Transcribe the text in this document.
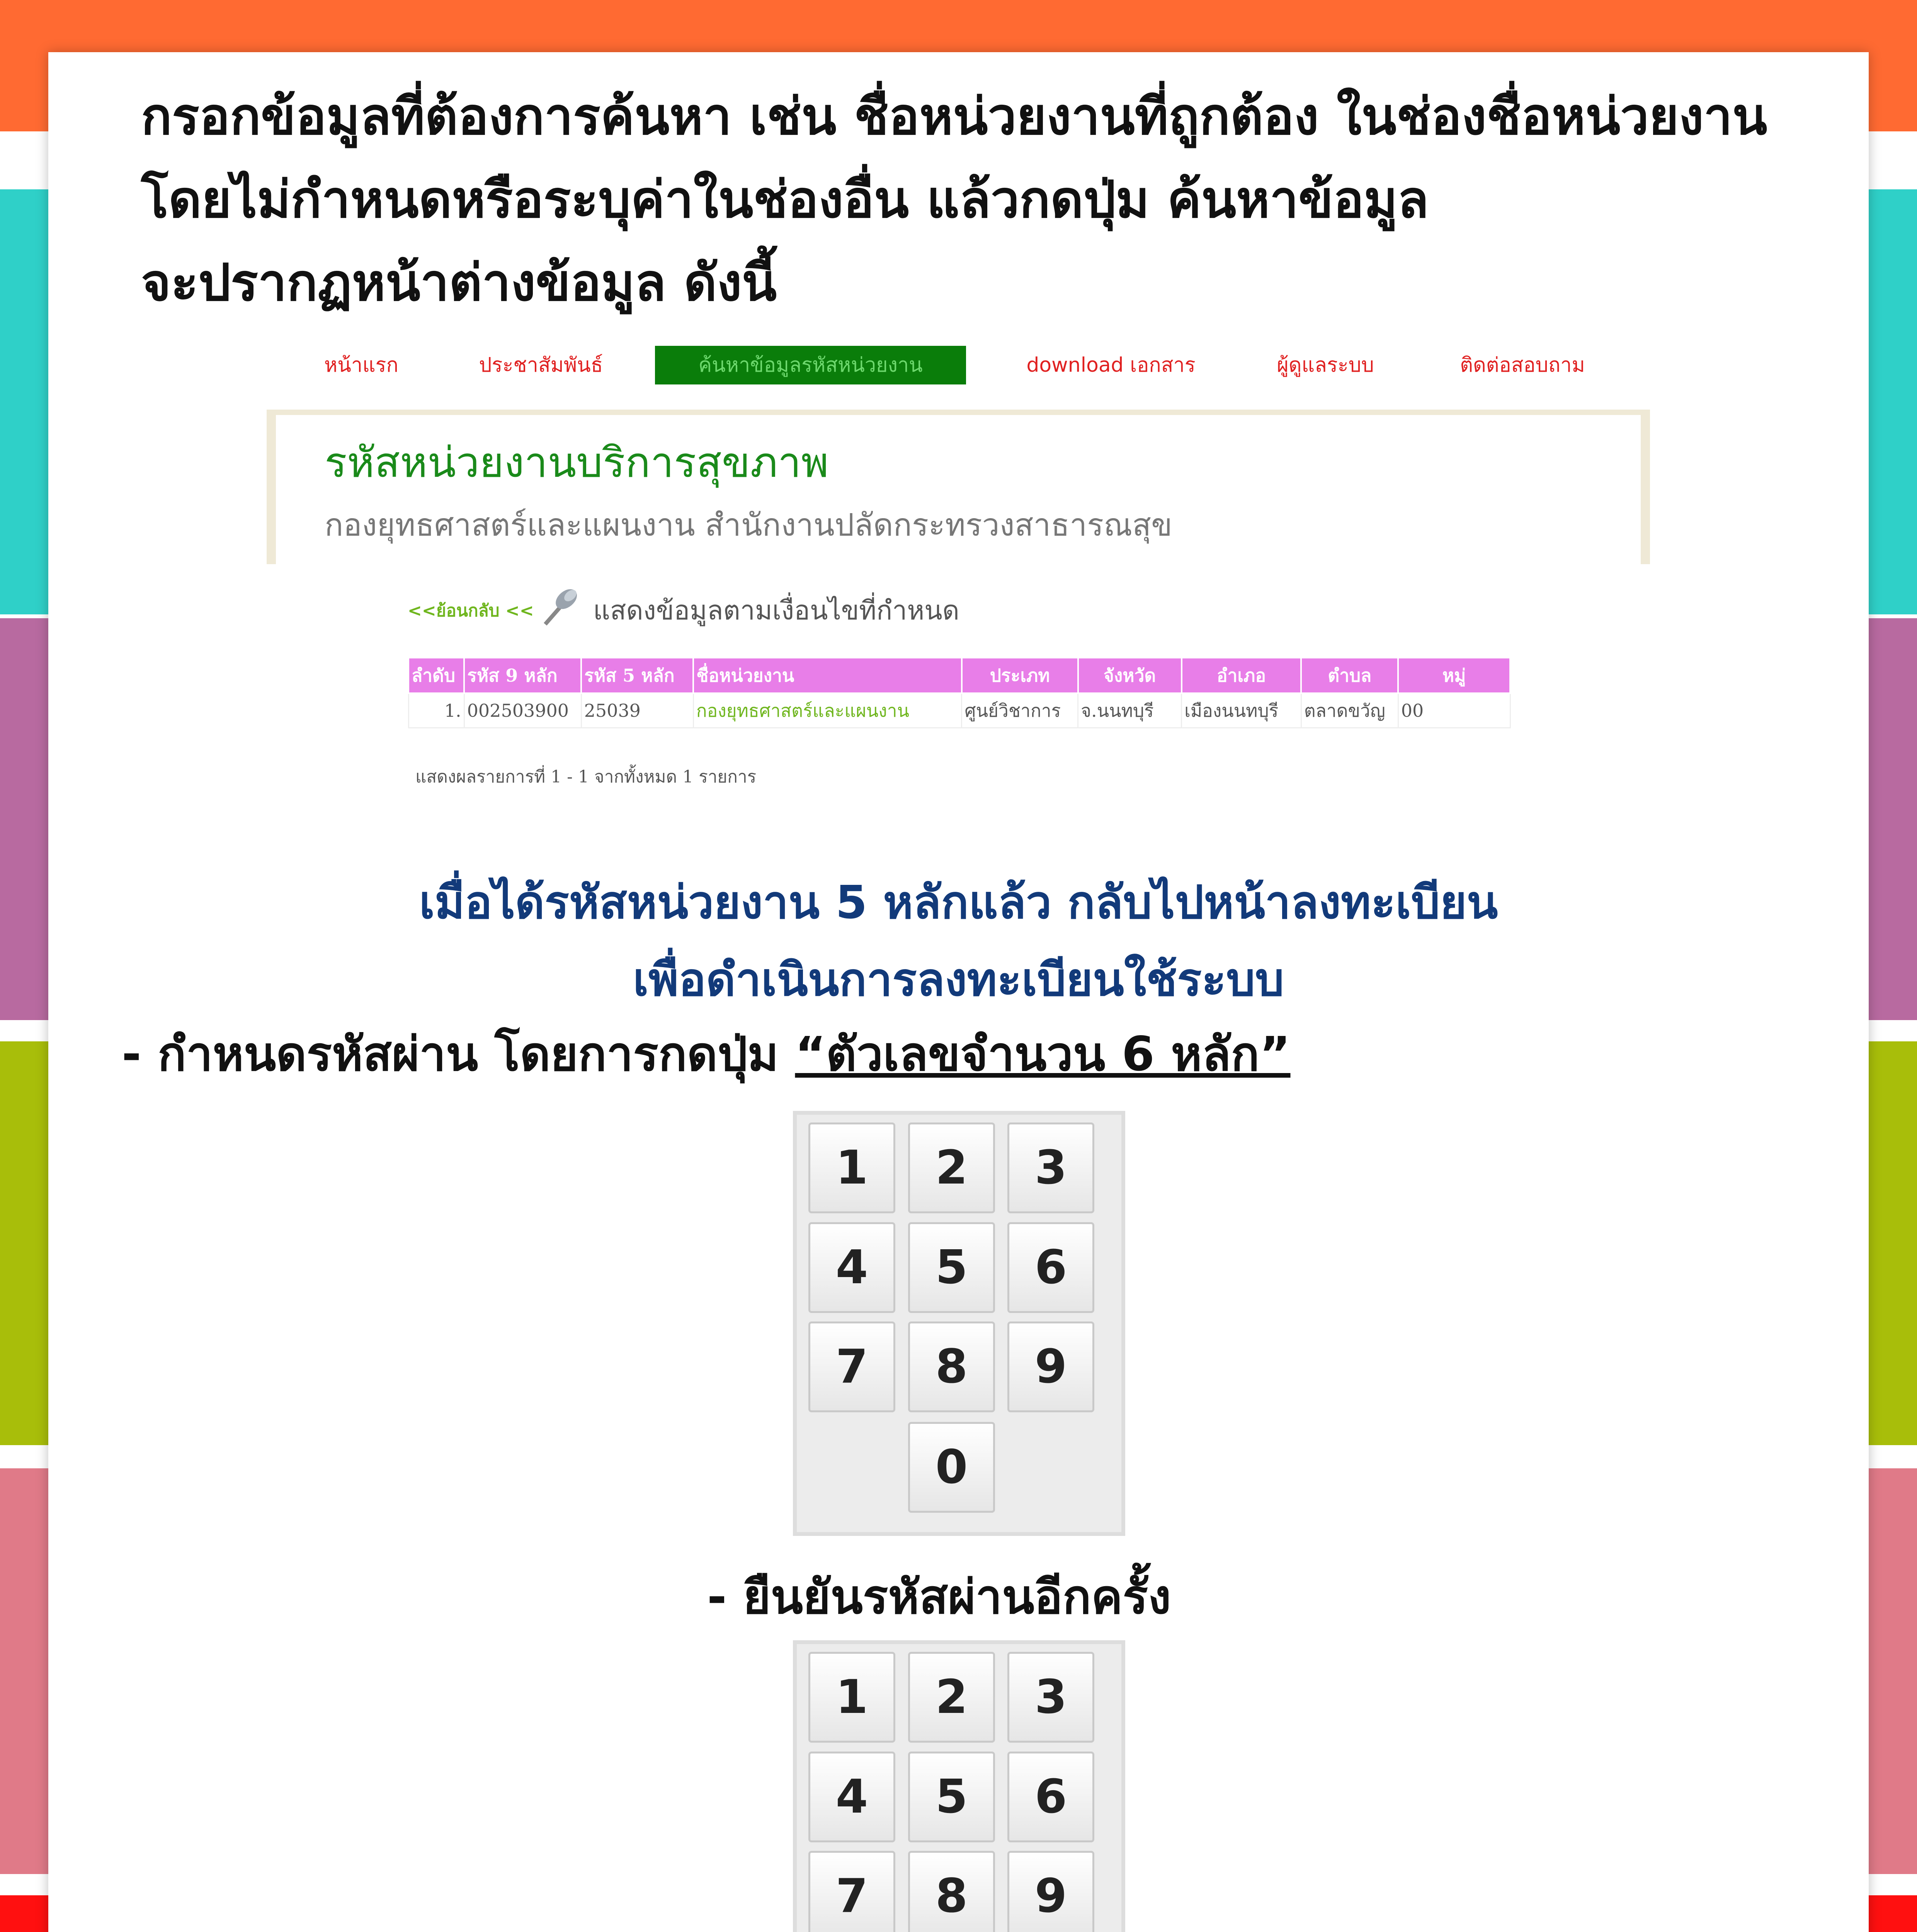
กรอกข้อมูลที่ต้องการค้นหา เช่น ชื่อหน่วยงานที่ถูกต้อง ในช่องชื่อหน่วยงาน

โดยไม่กำหนดหรือระบุค่าในช่องอื่น แล้วกดปุ่ม ค้นหาข้อมูล

จะปรากฏหน้าต่างข้อมูล ดังนี้

หน้าแรก	ประชาสัมพันธ์	ค้นหาข้อมูลรหัสหน่วยงาน	download เอกสาร	ผู้ดูแลระบบ	ติดต่อสอบถาม
รหัสหน่วยงานบริการสุขภาพ
กองยุทธศาสตร์และแผนงาน สำนักงานปลัดกระทรวงสาธารณสุข
<<ย้อนกลับ << แสดงข้อมูลตามเงื่อนไขที่กำหนด
ลำดับ	รหัส 9 หลัก	รหัส 5 หลัก	ชื่อหน่วยงาน	ประเภท	จังหวัด	อำเภอ	ตำบล	หมู่
1.	002503900	25039	กองยุทธศาสตร์และแผนงาน	ศูนย์วิชาการ	จ.นนทบุรี	เมืองนนทบุรี	ตลาดขวัญ	00
แสดงผลรายการที่ 1 - 1 จากทั้งหมด 1 รายการ
เมื่อได้รหัสหน่วยงาน 5 หลักแล้ว กลับไปหน้าลงทะเบียน
เพื่อดำเนินการลงทะเบียนใช้ระบบ
- กำหนดรหัสผ่าน โดยการกดปุ่ม “ตัวเลขจำนวน 6 หลัก”
1	2	3
4	5	6
7	8	9
0
- ยืนยันรหัสผ่านอีกครั้ง
1	2	3
4	5	6
7	8	9
